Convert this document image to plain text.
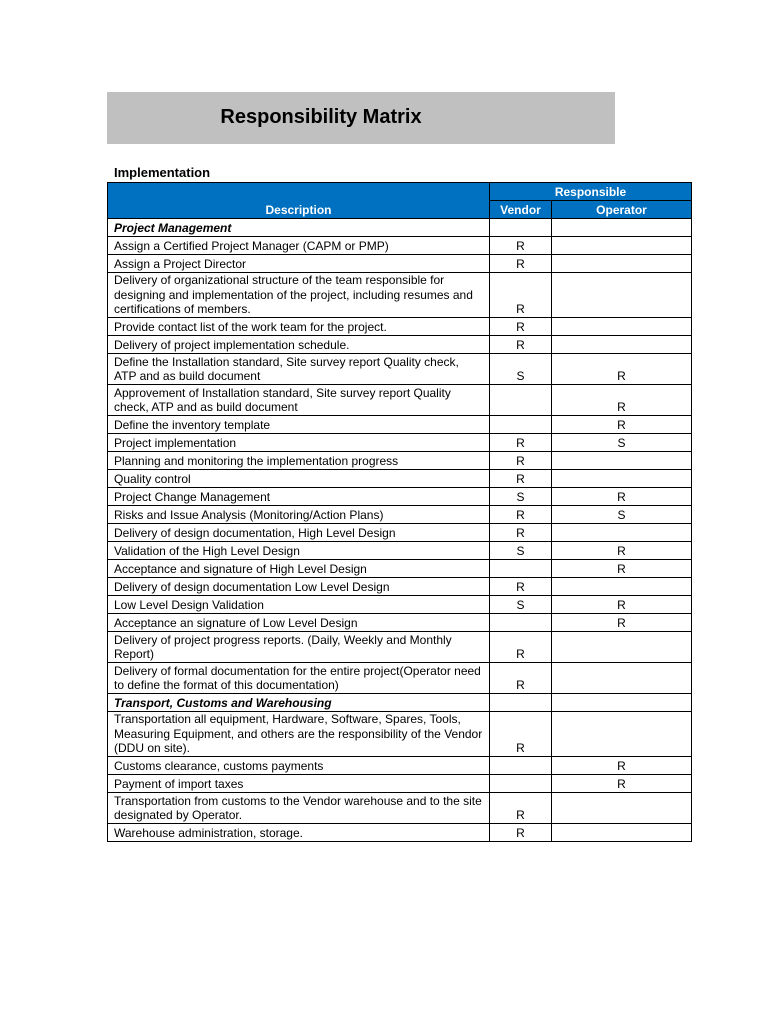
Responsibility Matrix
Implementation
Description	Responsible	
	Vendor	Operator
Project Management		
Assign a Certified Project Manager (CAPM or PMP)	R	
Assign a Project Director	R	
Delivery of organizational structure of the team responsible for designing and implementation of the project, including resumes and certifications of members.	R	
Provide contact list of the work team for the project.	R	
Delivery of project implementation schedule.	R	
Define the Installation standard, Site survey report Quality check, ATP and as build document	S	R
Approvement of Installation standard, Site survey report Quality check, ATP and as build document		R
Define the inventory template		R
Project implementation	R	S
Planning and monitoring the implementation progress	R	
Quality control	R	
Project Change Management	S	R
Risks and Issue Analysis (Monitoring/Action Plans)	R	S
Delivery of design documentation, High Level Design	R	
Validation of the High Level Design	S	R
Acceptance and signature of High Level Design		R
Delivery of design documentation Low Level Design	R	
Low Level Design Validation	S	R
Acceptance an signature of Low Level Design		R
Delivery of project progress reports. (Daily, Weekly and Monthly Report)	R	
Delivery of formal documentation for the entire project(Operator need to define the format of this documentation)	R	
Transport, Customs and Warehousing		
Transportation all equipment, Hardware, Software, Spares, Tools, Measuring Equipment, and others are the responsibility of the Vendor (DDU on site).	R	
Customs clearance, customs payments		R
Payment of import taxes		R
Transportation from customs to the Vendor warehouse and to the site designated by Operator.	R	
Warehouse administration, storage.	R	
